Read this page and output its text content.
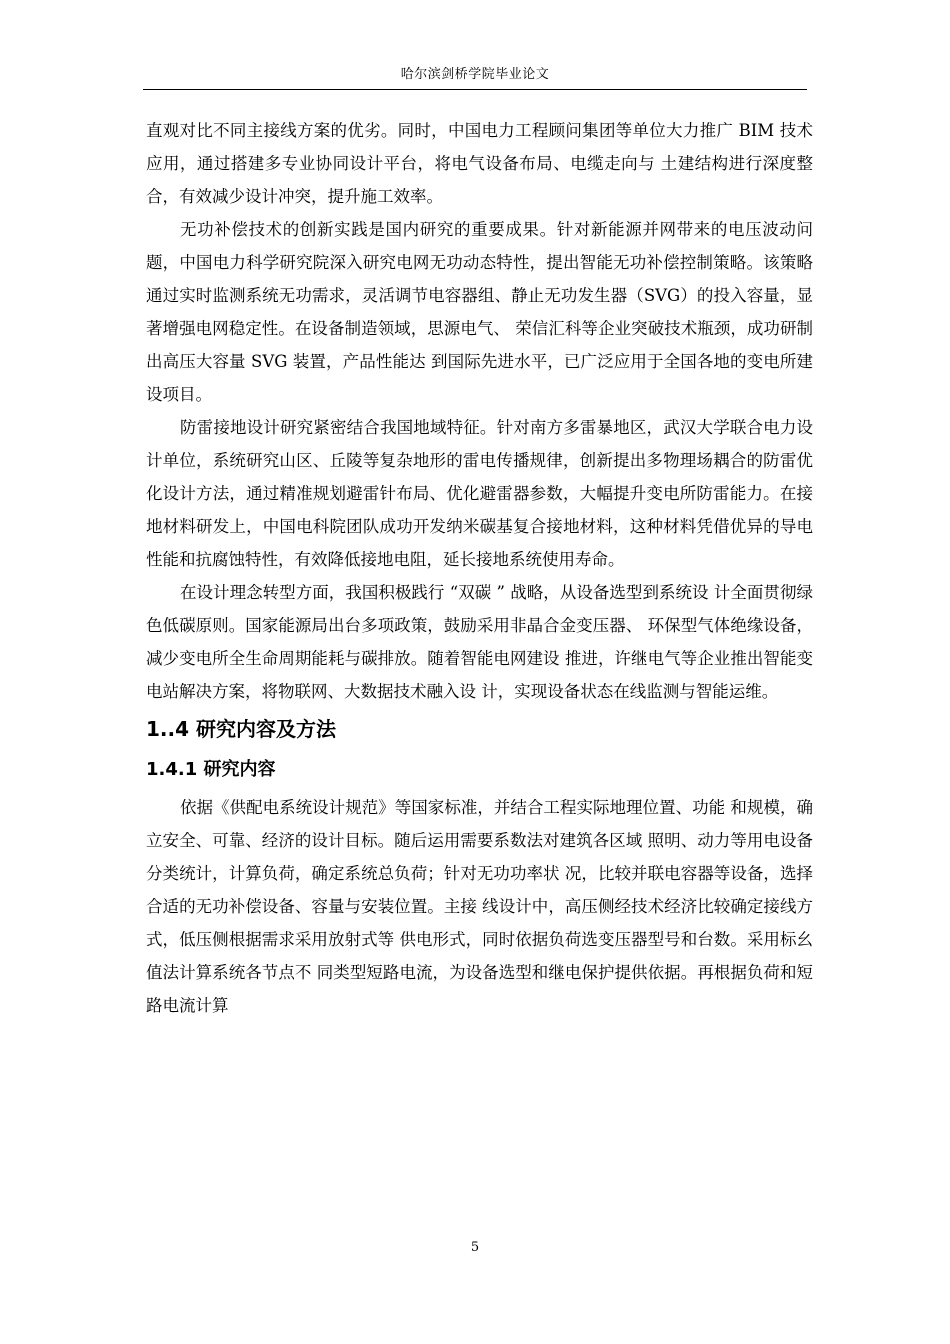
哈尔滨剑桥学院毕业论文

直观对比不同主接线方案的优劣。同时，中国电力工程顾问集团等单位大力推广 BIM 技术应用，通过搭建多专业协同设计平台，将电气设备布局、电缆走向与 土建结构进行深度整合，有效减少设计冲突，提升施工效率。

无功补偿技术的创新实践是国内研究的重要成果。针对新能源并网带来的电压波动问题，中国电力科学研究院深入研究电网无功动态特性，提出智能无功补偿控制策略。该策略通过实时监测系统无功需求，灵活调节电容器组、静止无功发生器（SVG）的投入容量，显著增强电网稳定性。在设备制造领域，思源电气、 荣信汇科等企业突破技术瓶颈，成功研制出高压大容量 SVG 装置，产品性能达 到国际先进水平，已广泛应用于全国各地的变电所建设项目。

防雷接地设计研究紧密结合我国地域特征。针对南方多雷暴地区，武汉大学联合电力设计单位，系统研究山区、丘陵等复杂地形的雷电传播规律，创新提出多物理场耦合的防雷优化设计方法，通过精准规划避雷针布局、优化避雷器参数，大幅提升变电所防雷能力。在接地材料研发上，中国电科院团队成功开发纳米碳基复合接地材料，这种材料凭借优异的导电性能和抗腐蚀特性，有效降低接地电阻，延长接地系统使用寿命。

在设计理念转型方面，我国积极践行 “双碳 ” 战略，从设备选型到系统设 计全面贯彻绿色低碳原则。国家能源局出台多项政策，鼓励采用非晶合金变压器、 环保型气体绝缘设备，减少变电所全生命周期能耗与碳排放。随着智能电网建设 推进，许继电气等企业推出智能变电站解决方案，将物联网、大数据技术融入设 计，实现设备状态在线监测与智能运维。

1..4 研究内容及方法
1.4.1 研究内容

依据《供配电系统设计规范》等国家标准，并结合工程实际地理位置、功能 和规模，确立安全、可靠、经济的设计目标。随后运用需要系数法对建筑各区域 照明、动力等用电设备分类统计，计算负荷，确定系统总负荷；针对无功功率状 况，比较并联电容器等设备，选择合适的无功补偿设备、容量与安装位置。主接 线设计中，高压侧经技术经济比较确定接线方式，低压侧根据需求采用放射式等 供电形式，同时依据负荷选变压器型号和台数。采用标幺值法计算系统各节点不 同类型短路电流，为设备选型和继电保护提供依据。再根据负荷和短路电流计算

5
